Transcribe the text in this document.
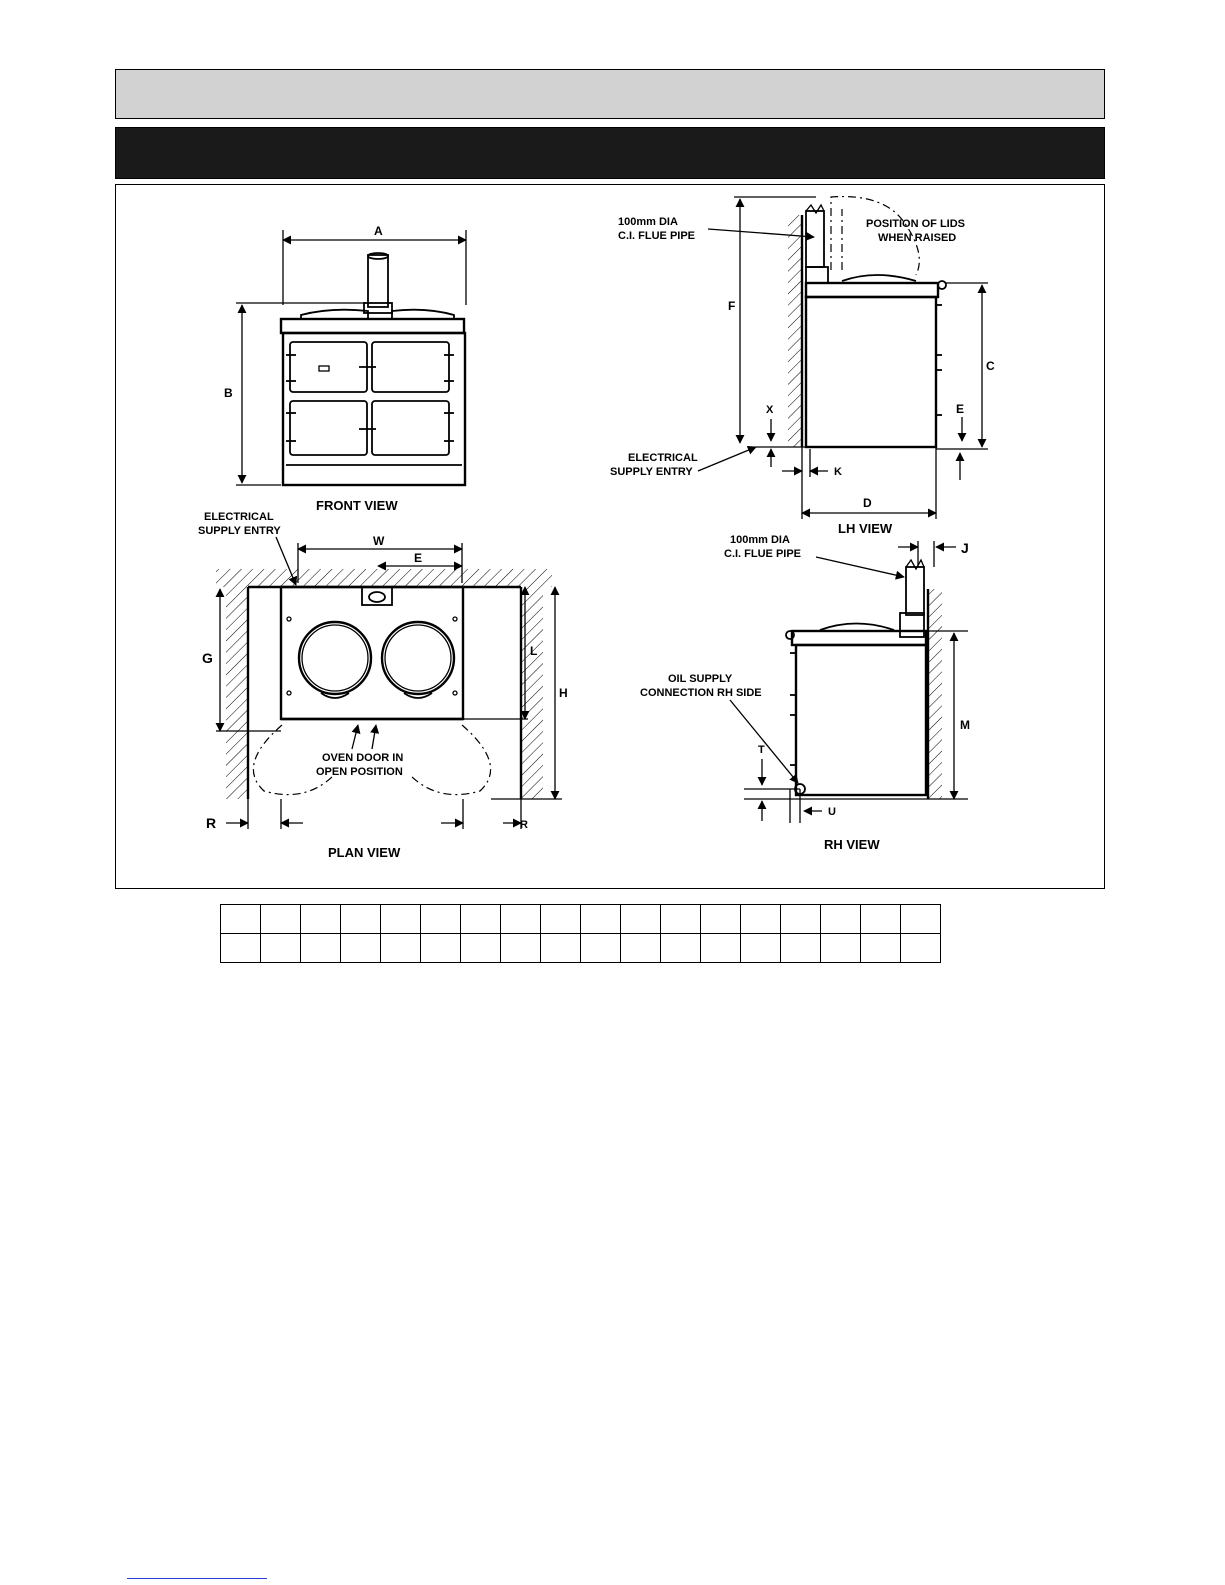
A
B
FRONT VIEW
ELECTRICAL
SUPPLY ENTRY
W
E
OVEN DOOR IN
OPEN POSITION
G	L
H
R	R
PLAN VIEW
100mm DIA
C.I. FLUE PIPE
POSITION OF LIDS
WHEN RAISED
F
C
E
X
ELECTRICAL
SUPPLY ENTRY	K
D
LH VIEW
100mm DIA
C.I. FLUE PIPE	J
M
OIL SUPPLY
CONNECTION RH SIDE
T
U
RH VIEW
